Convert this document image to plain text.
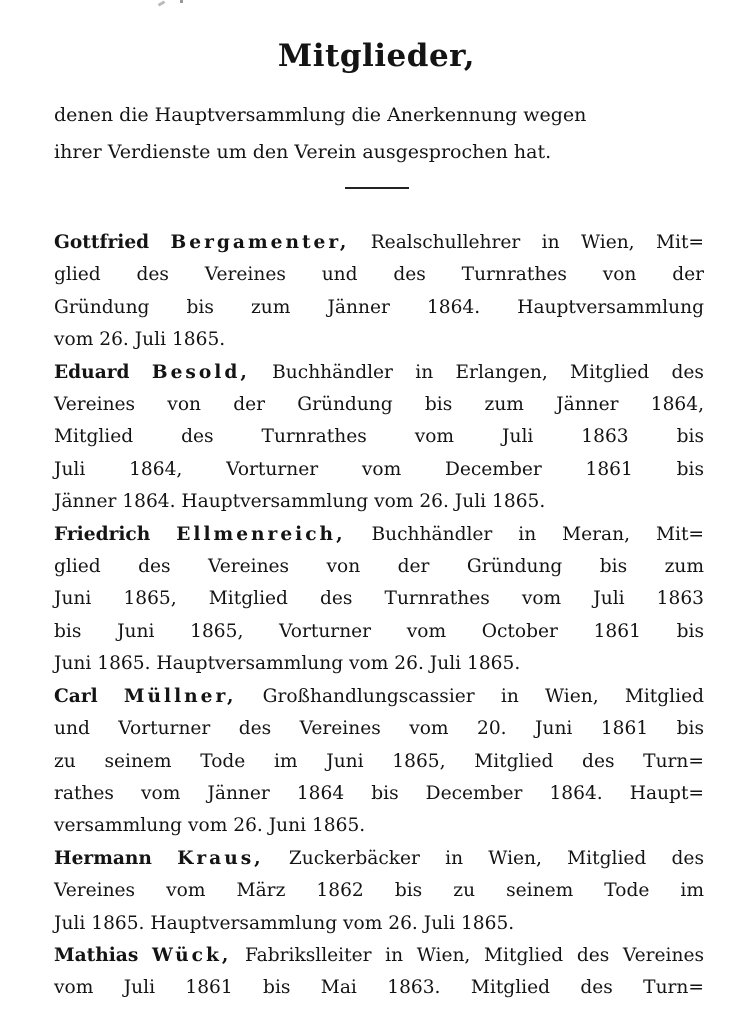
Mitglieder,
denen die Hauptversammlung die Anerkennung wegen
ihrer Verdienste um den Verein ausgesprochen hat.

Gottfried Bergamenter, Realschullehrer in Wien, Mit=
glied des Vereines und des Turnrathes von der
Gründung bis zum Jänner 1864. Hauptversammlung
vom 26. Juli 1865.

Eduard Besold, Buchhändler in Erlangen, Mitglied des
Vereines von der Gründung bis zum Jänner 1864,
Mitglied des Turnrathes vom Juli 1863 bis
Juli 1864, Vorturner vom December 1861 bis
Jänner 1864. Hauptversammlung vom 26. Juli 1865.

Friedrich Ellmenreich, Buchhändler in Meran, Mit=
glied des Vereines von der Gründung bis zum
Juni 1865, Mitglied des Turnrathes vom Juli 1863
bis Juni 1865, Vorturner vom October 1861 bis
Juni 1865. Hauptversammlung vom 26. Juli 1865.

Carl Müllner, Großhandlungscassier in Wien, Mitglied
und Vorturner des Vereines vom 20. Juni 1861 bis
zu seinem Tode im Juni 1865, Mitglied des Turn=
rathes vom Jänner 1864 bis December 1864. Haupt=
versammlung vom 26. Juni 1865.

Hermann Kraus, Zuckerbäcker in Wien, Mitglied des
Vereines vom März 1862 bis zu seinem Tode im
Juli 1865. Hauptversammlung vom 26. Juli 1865.

Mathias Wück, Fabrikslleiter in Wien, Mitglied des Vereines
vom Juli 1861 bis Mai 1863. Mitglied des Turn=
